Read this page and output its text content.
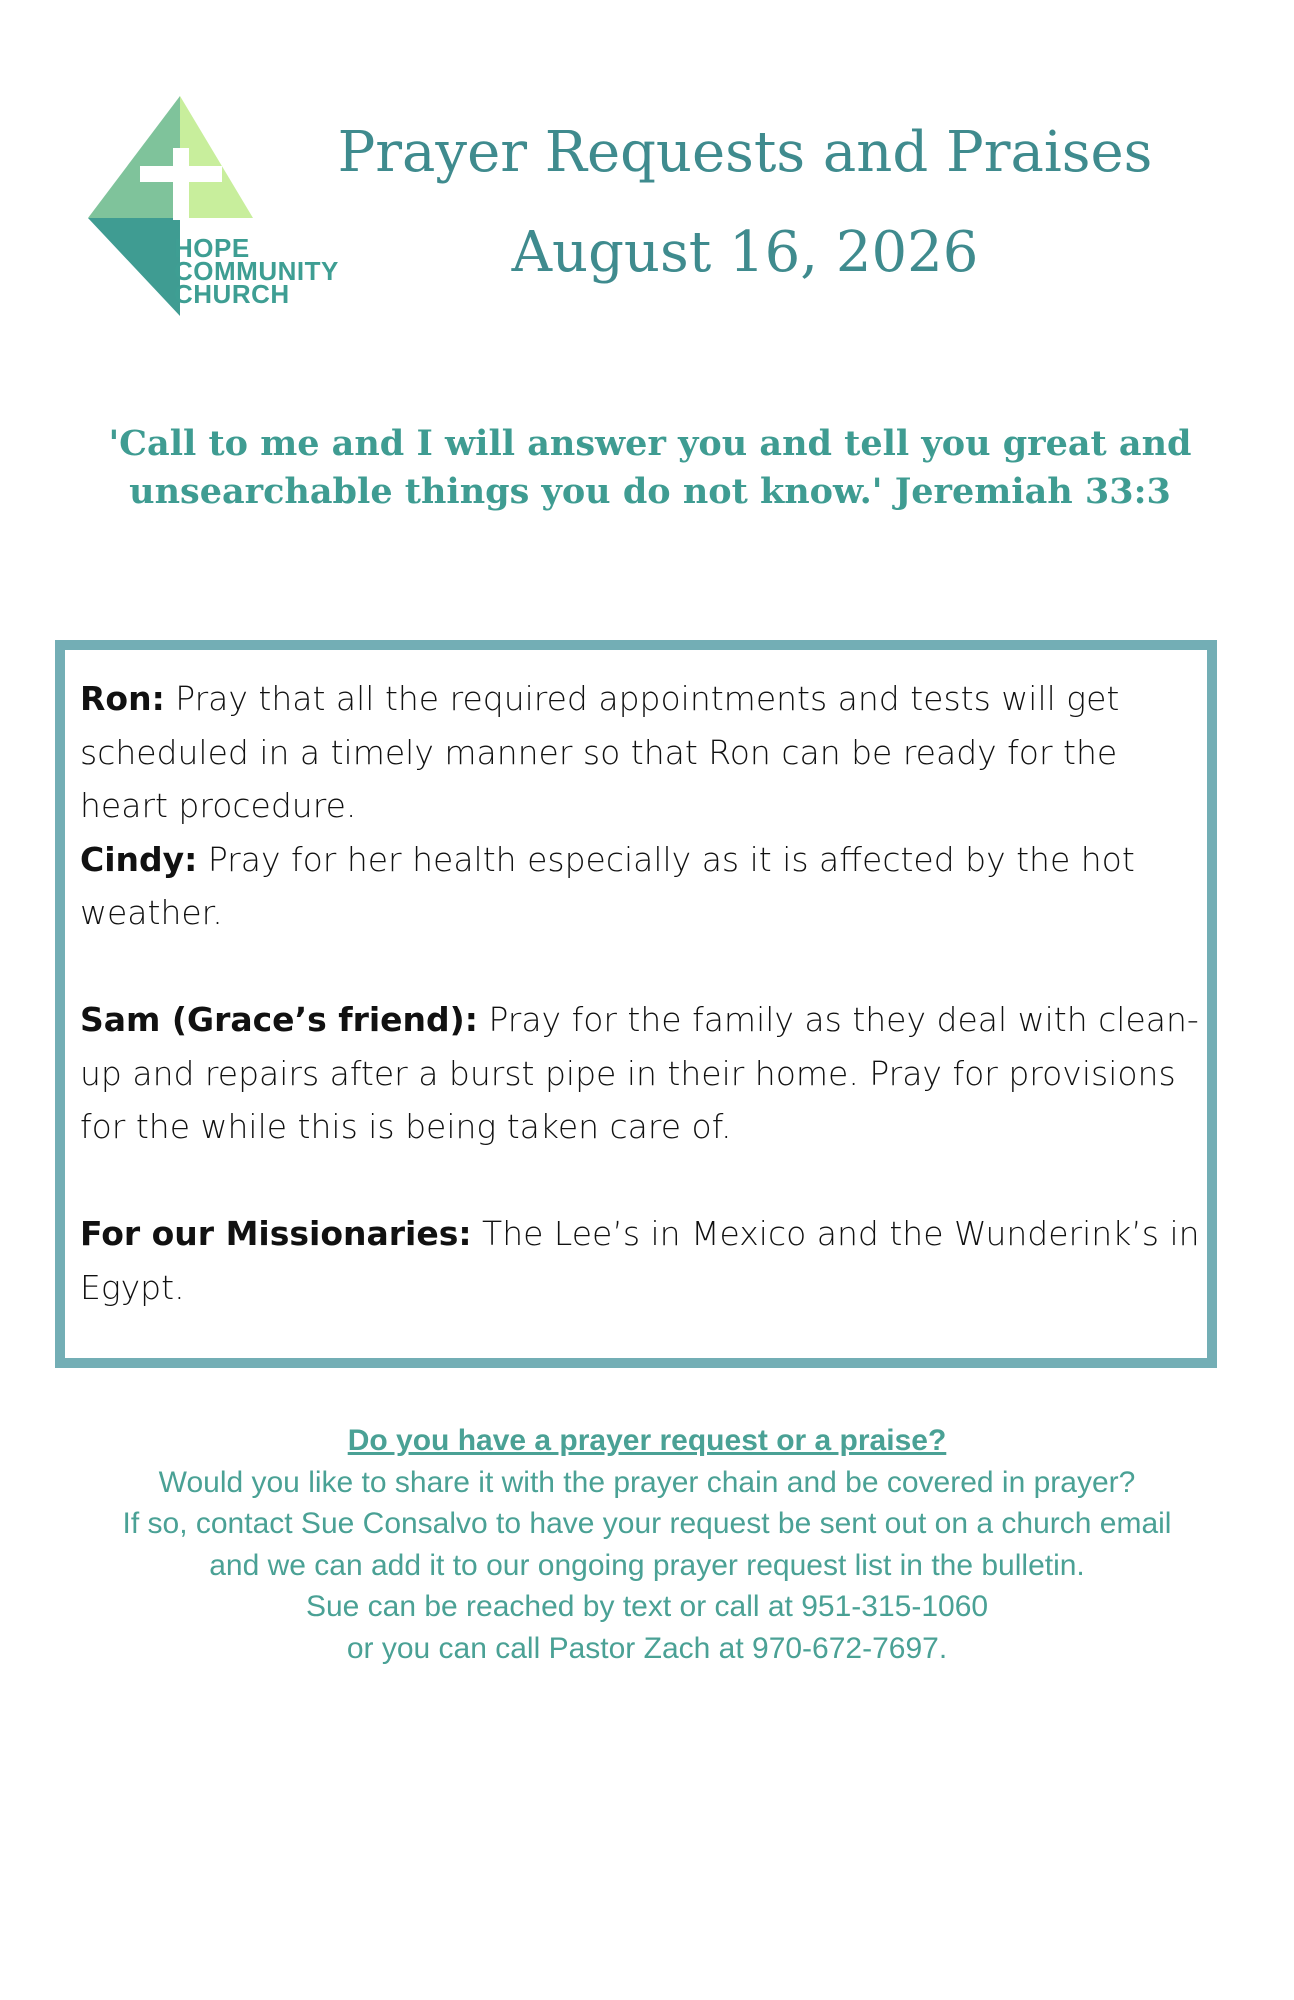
HOPE
COMMUNITY
CHURCH
Prayer Requests and Praises
August 16, 2026
'Call to me and I will answer you and tell you great and unsearchable things you do not know.' Jeremiah 33:3

Ron: Pray that all the required appointments and tests will get scheduled in a timely manner so that Ron can be ready for the heart procedure.

Cindy: Pray for her health especially as it is affected by the hot weather.

Sam (Grace’s friend): Pray for the family as they deal with clean-up and repairs after a burst pipe in their home. Pray for provisions for the while this is being taken care of.

For our Missionaries: The Lee’s in Mexico and the Wunderink’s in Egypt.

Do you have a prayer request or a praise?
Would you like to share it with the prayer chain and be covered in prayer?
If so, contact Sue Consalvo to have your request be sent out on a church email
and we can add it to our ongoing prayer request list in the bulletin.
Sue can be reached by text or call at 951-315-1060
or you can call Pastor Zach at 970-672-7697.
